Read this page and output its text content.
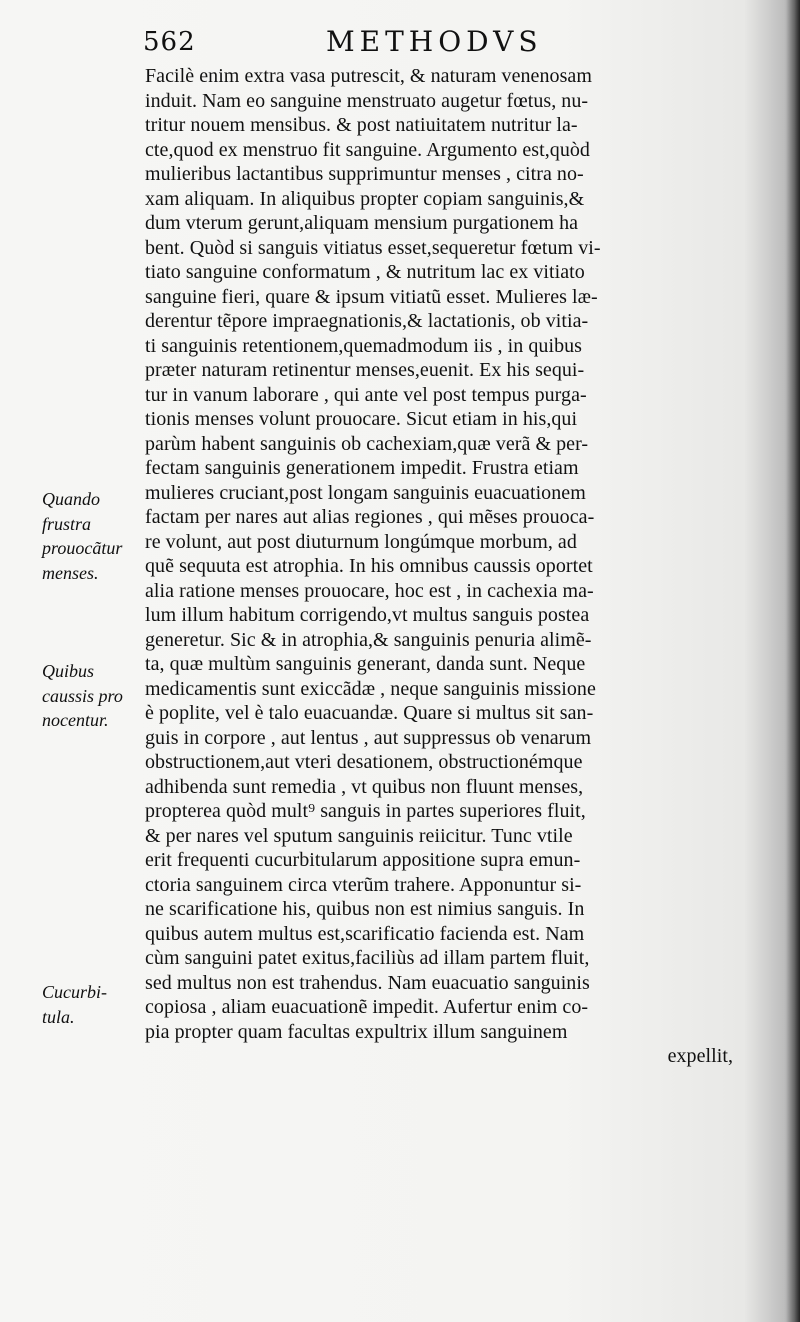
562	METHODVS
Facilè enim extra vasa putrescit, & naturam venenosam
induit. Nam eo sanguine menstruato augetur fœtus, nu-
tritur nouem mensibus. & post natiuitatem nutritur la-
cte,quod ex menstruo fit sanguine. Argumento est,quòd
mulieribus lactantibus supprimuntur menses , citra no-
xam aliquam. In aliquibus propter copiam sanguinis,&
dum vterum gerunt,aliquam mensium purgationem ha
bent. Quòd si sanguis vitiatus esset,sequeretur fœtum vi-
tiato sanguine conformatum , & nutritum lac ex vitiato
sanguine fieri, quare & ipsum vitiatũ esset. Mulieres læ-
derentur tẽpore impraegnationis,& lactationis, ob vitia-
ti sanguinis retentionem,quemadmodum iis , in quibus
præter naturam retinentur menses,euenit. Ex his sequi-
tur in vanum laborare , qui ante vel post tempus purga-
tionis menses volunt prouocare. Sicut etiam in his,qui
parùm habent sanguinis ob cachexiam,quæ verã & per-
fectam sanguinis generationem impedit. Frustra etiam
mulieres cruciant,post longam sanguinis euacuationem
factam per nares aut alias regiones , qui mẽses prouoca-
re volunt, aut post diuturnum longúmque morbum, ad
quẽ sequuta est atrophia. In his omnibus caussis oportet
alia ratione menses prouocare, hoc est , in cachexia ma-
lum illum habitum corrigendo,vt multus sanguis postea
generetur. Sic & in atrophia,& sanguinis penuria alimẽ-
ta, quæ multùm sanguinis generant, danda sunt. Neque
medicamentis sunt exiccãdæ , neque sanguinis missione
è poplite, vel è talo euacuandæ. Quare si multus sit san-
guis in corpore , aut lentus , aut suppressus ob venarum
obstructionem,aut vteri desationem, obstructionémque
adhibenda sunt remedia , vt quibus non fluunt menses,
propterea quòd mult⁹ sanguis in partes superiores fluit,
& per nares vel sputum sanguinis reiicitur. Tunc vtile
erit frequenti cucurbitularum appositione supra emun-
ctoria sanguinem circa vterũm trahere. Apponuntur si-
ne scarificatione his, quibus non est nimius sanguis. In
quibus autem multus est,scarificatio facienda est. Nam
cùm sanguini patet exitus,faciliùs ad illam partem fluit,
sed multus non est trahendus. Nam euacuatio sanguinis
copiosa , aliam euacuationẽ impedit. Aufertur enim co-
pia propter quam facultas expultrix illum sanguinem
expellit,
Quando
frustra
prouocãtur
menses.
Quibus
caussis pro
nocentur.
Cucurbi-
tula.
